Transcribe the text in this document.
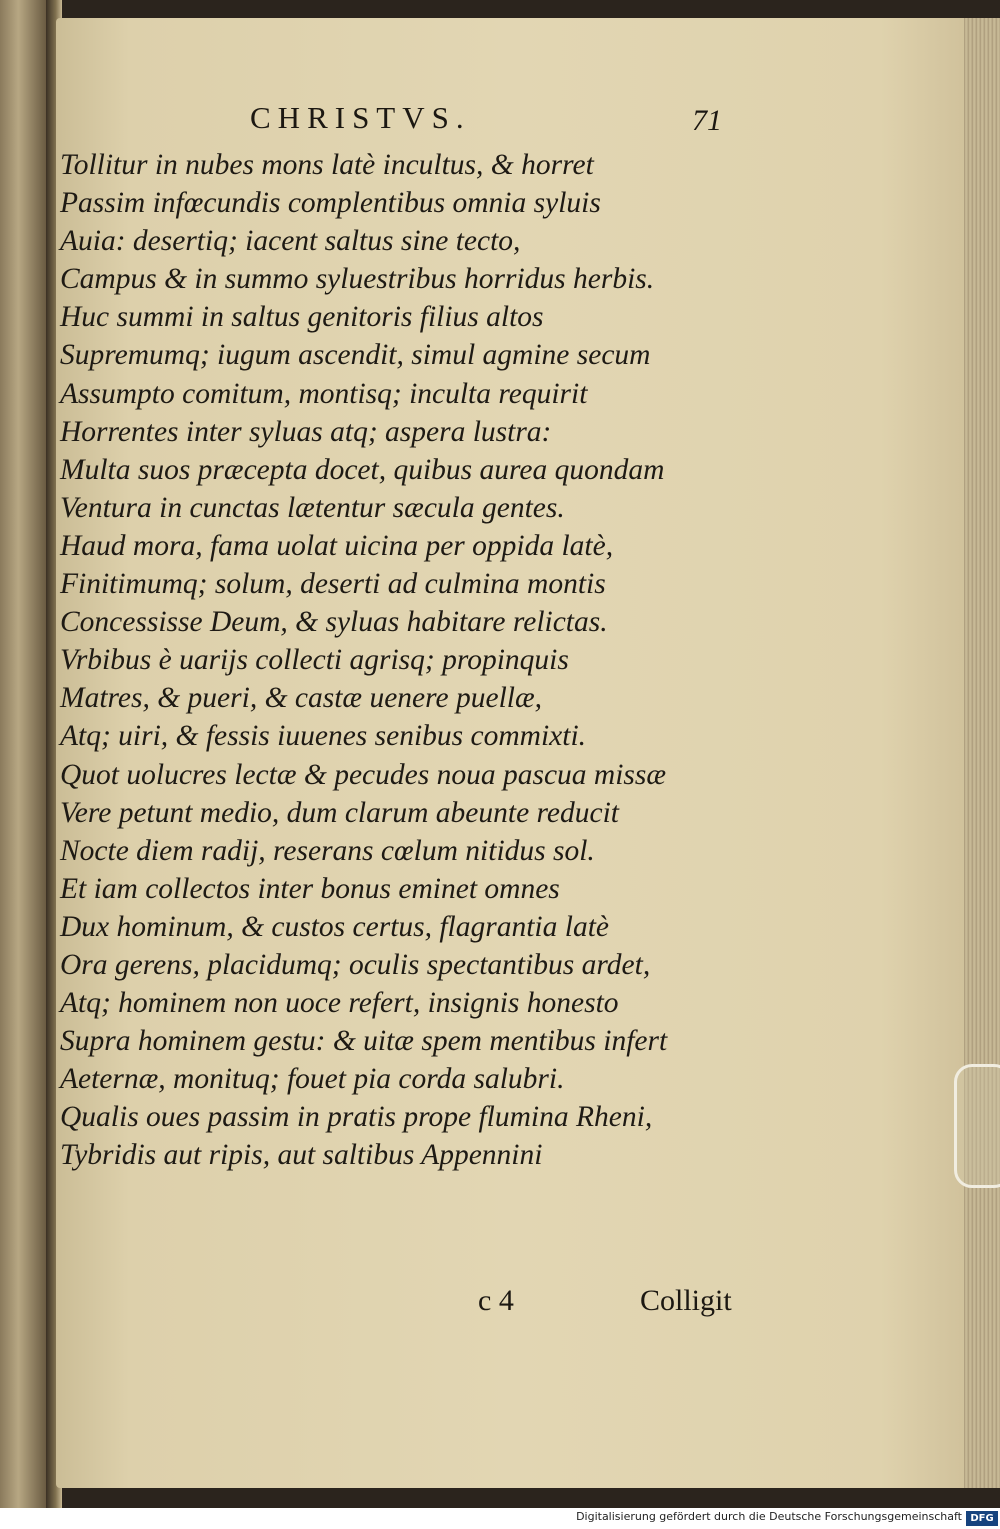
CHRISTVS.	71
Tollitur in nubes mons latè incultus, & horret
Passim infœcundis complentibus omnia syluis
Auia: desertiq; iacent saltus sine tecto,
Campus & in summo syluestribus horridus herbis.
Huc summi in saltus genitoris filius altos
Supremumq; iugum ascendit, simul agmine secum
Assumpto comitum, montisq; inculta requirit
Horrentes inter syluas atq; aspera lustra:
Multa suos præcepta docet, quibus aurea quondam
Ventura in cunctas lætentur sæcula gentes.
Haud mora, fama uolat uicina per oppida latè,
Finitimumq; solum, deserti ad culmina montis
Concessisse Deum, & syluas habitare relictas.
Vrbibus è uarijs collecti agrisq; propinquis
Matres, & pueri, & castæ uenere puellæ,
Atq; uiri, & fessis iuuenes senibus commixti.
Quot uolucres lectæ & pecudes noua pascua missæ
Vere petunt medio, dum clarum abeunte reducit
Nocte diem radij, reserans cœlum nitidus sol.
Et iam collectos inter bonus eminet omnes
Dux hominum, & custos certus, flagrantia latè
Ora gerens, placidumq; oculis spectantibus ardet,
Atq; hominem non uoce refert, insignis honesto
Supra hominem gestu: & uitæ spem mentibus infert
Aeternæ, monituq; fouet pia corda salubri.
Qualis oues passim in pratis prope flumina Rheni,
Tybridis aut ripis, aut saltibus Appennini
c 4	Colligit
Digitalisierung gefördert durch die Deutsche Forschungsgemeinschaft DFG
